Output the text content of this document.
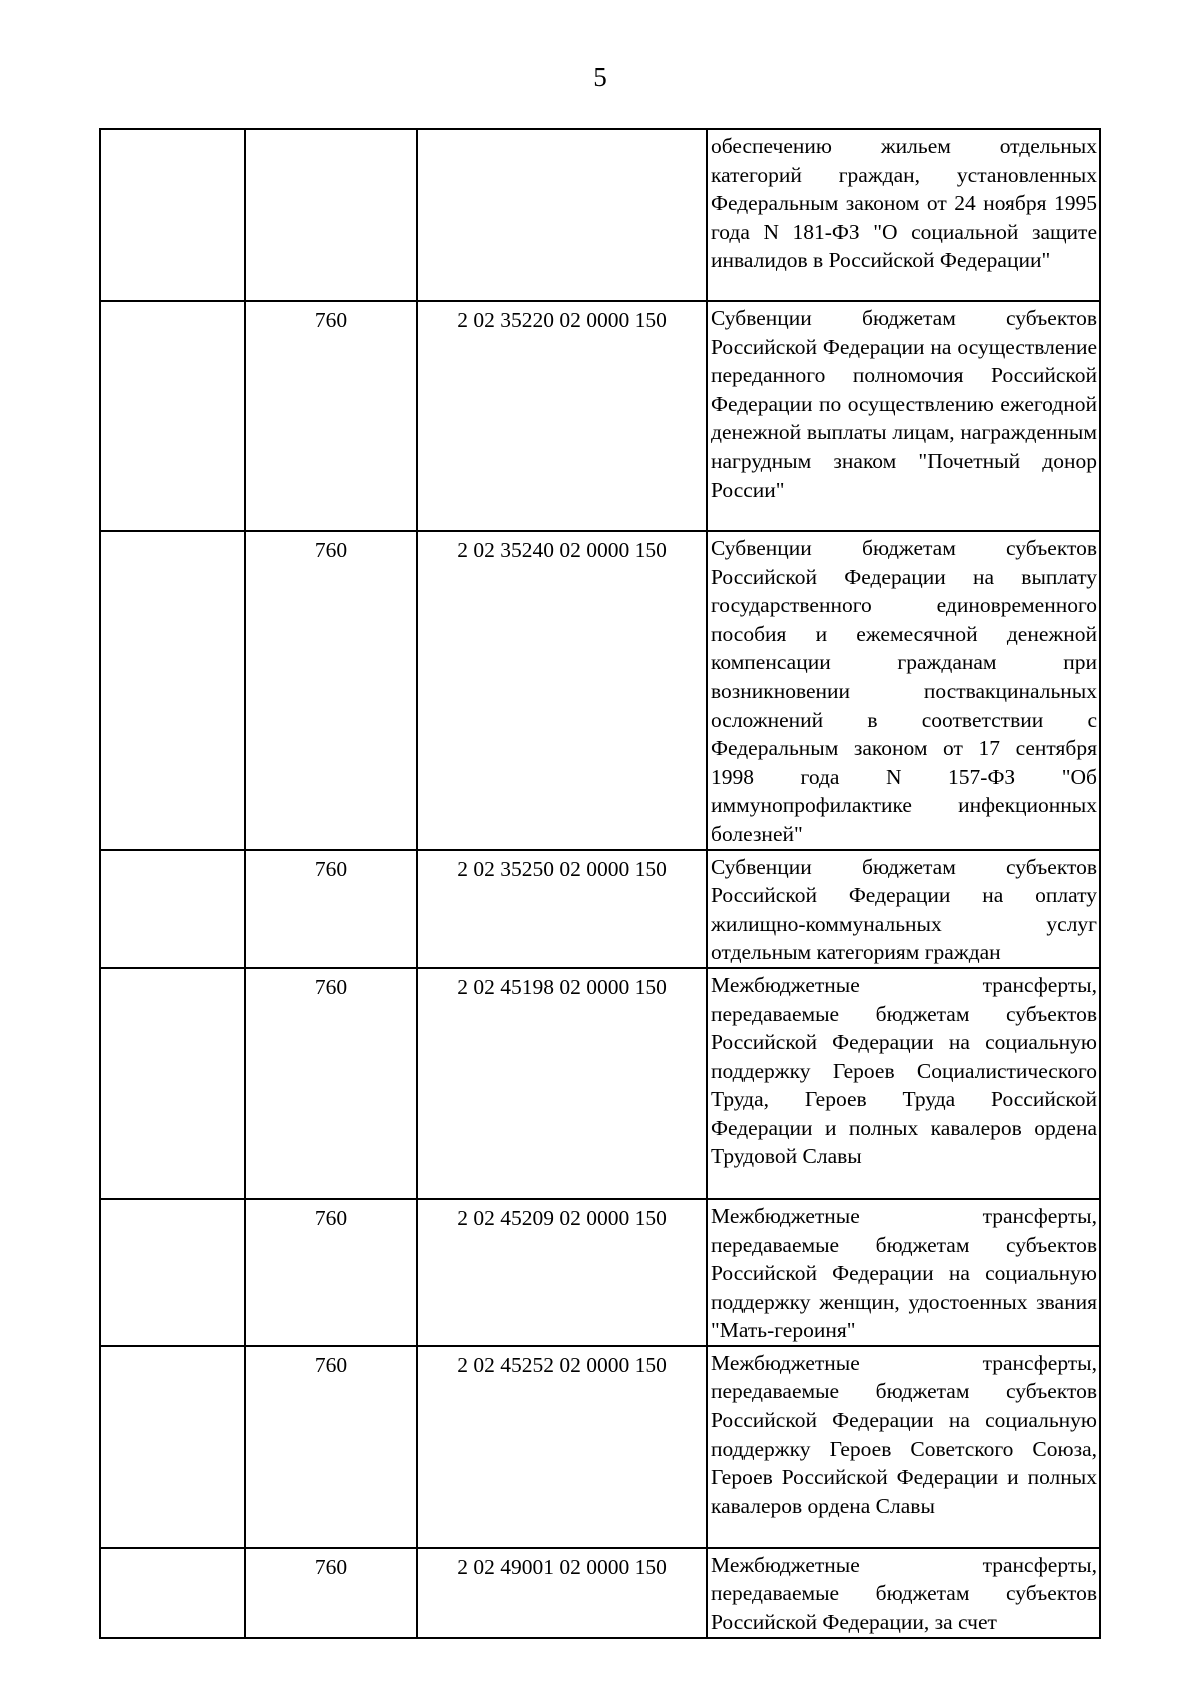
5
			обеспечению жильем отдельных категорий граждан, установленных Федеральным законом от 24 ноября 1995 года N 181-ФЗ "О социальной защите инвалидов в Российской Федерации"
	760	2 02 35220 02 0000 150	Субвенции бюджетам субъектов Российской Федерации на осуществление переданного полномочия Российской Федерации по осуществлению ежегодной денежной выплаты лицам, награжденным нагрудным знаком "Почетный донор России"
	760	2 02 35240 02 0000 150	Субвенции бюджетам субъектов Российской Федерации на выплату государственного единовременного пособия и ежемесячной денежной компенсации гражданам при возникновении поствакцинальных осложнений в соответствии с Федеральным законом от 17 сентября 1998 года N 157-ФЗ "Об иммунопрофилактике инфекционных болезней"
	760	2 02 35250 02 0000 150	Субвенции бюджетам субъектов Российской Федерации на оплату жилищно-коммунальных услуг отдельным категориям граждан
	760	2 02 45198 02 0000 150	Межбюджетные трансферты, передаваемые бюджетам субъектов Российской Федерации на социальную поддержку Героев Социалистического Труда, Героев Труда Российской Федерации и полных кавалеров ордена Трудовой Славы
	760	2 02 45209 02 0000 150	Межбюджетные трансферты, передаваемые бюджетам субъектов Российской Федерации на социальную поддержку женщин, удостоенных звания "Мать-героиня"
	760	2 02 45252 02 0000 150	Межбюджетные трансферты, передаваемые бюджетам субъектов Российской Федерации на социальную поддержку Героев Советского Союза, Героев Российской Федерации и полных кавалеров ордена Славы
	760	2 02 49001 02 0000 150	Межбюджетные трансферты, передаваемые бюджетам субъектов Российской Федерации, за счет
